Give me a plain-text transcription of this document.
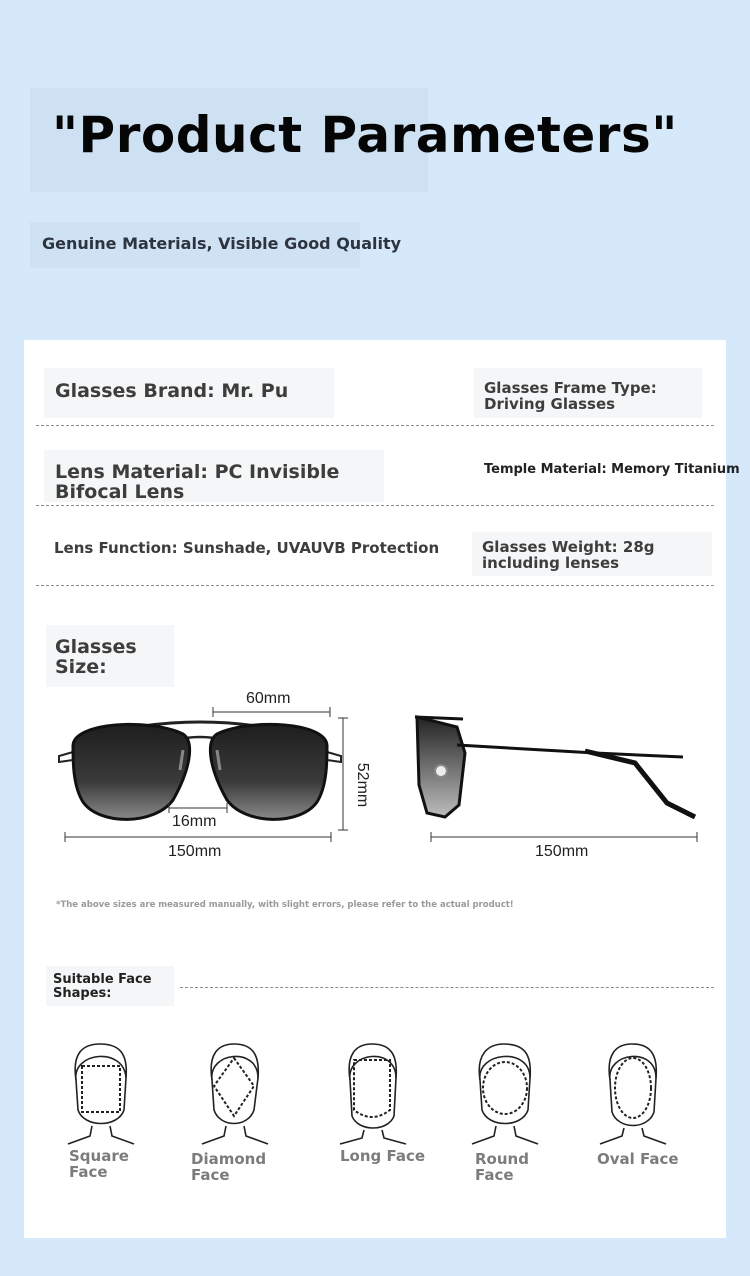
"Product Parameters"
Genuine Materials, Visible Good Quality
Glasses Brand: Mr. Pu	Glasses Frame Type:
Driving Glasses
Lens Material: PC Invisible
Bifocal Lens
Temple Material: Memory Titanium
Lens Function: Sunshade, UVAUVB Protection	Glasses Weight: 28g
including lenses
Glasses
Size:
60mm
52mm
16mm
150mm	150mm
*The above sizes are measured manually, with slight errors, please refer to the actual product!
Suitable Face
Shapes:
Square
Face
Diamond
Face
Long Face	Round
Face
Oval Face
